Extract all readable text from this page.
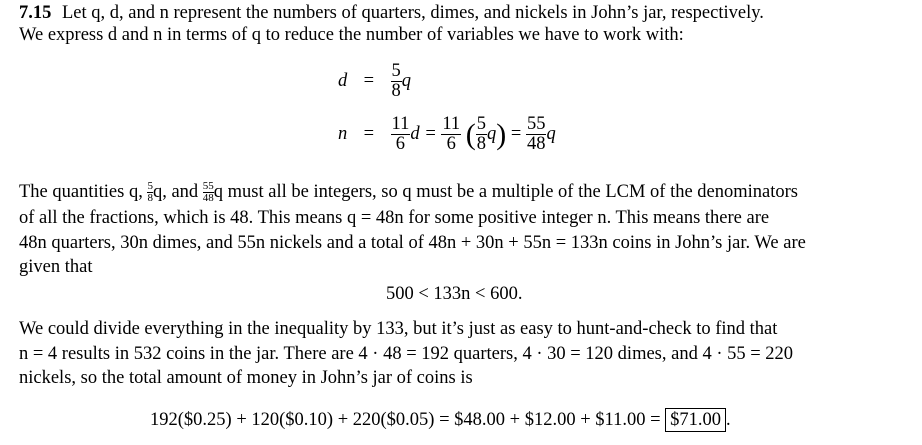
7.15 Let q, d, and n represent the numbers of quarters, dimes, and nickels in John’s jar, respectively.
We express d and n in terms of q to reduce the number of variables we have to work with:
$d = \frac{5}{8}$ q
$n = \frac{11}{6}$ $d = \frac{11}{6}$ ( $\frac{5}{8} q) = \frac{55}{48}$ q
The quantities q, $\frac{5}{8} q$, and $\frac{55}{48}$ q must all be integers, so q must be a multiple of the LCM of the denominators
of all the fractions, which is 48. This means q = 48n for some positive integer n. This means there are
48n quarters, 30n dimes, and 55n nickels and a total of 48n + 30n + 55n = 133n coins in John’s jar. We are
given that
500 < 133n < 600.
We could divide everything in the inequality by 133, but it’s just as easy to hunt-and-check to find that
n = 4 results in 532 coins in the jar. There are 4 · 48 = 192 quarters, 4 · 30 = 120 dimes, and 4 · 55 = 220
nickels, so the total amount of money in John’s jar of coins is
192($0.25) + 120($0.10) + 220($0.05) = $48.00 + $12.00 + $11.00 = $71.00 .
